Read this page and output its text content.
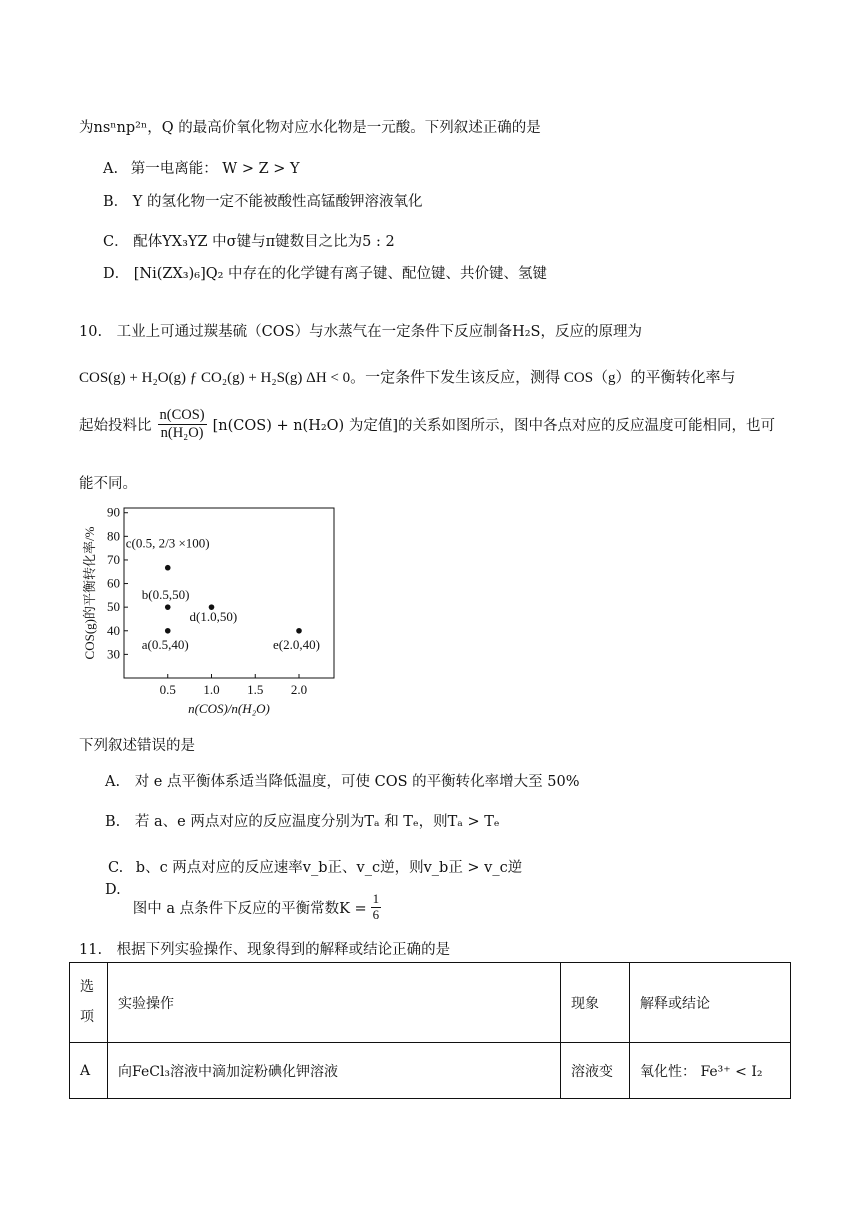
为nsⁿnp²ⁿ，Q 的最高价氧化物对应水化物是一元酸。下列叙述正确的是
A. 第一电离能： W > Z > Y
B． Y 的氢化物一定不能被酸性高锰酸钾溶液氧化
C． 配体YX₃YZ 中σ键与π键数目之比为5 : 2
D． [Ni(ZX₃)₆]Q₂ 中存在的化学键有离子键、配位键、共价键、氢键
10. 工业上可通过羰基硫（COS）与水蒸气在一定条件下反应制备H₂S，反应的原理为
COS(g) + H₂O(g) ƒ CO₂(g) + H₂S(g) ΔH < 0。一定条件下发生该反应，测得 COS（g）的平衡转化率与
起始投料比 $\frac{\text{n(COS)}}{\text{n(H₂O)}} [n(COS) + n(H_2O)$ 为定值]的关系如图所示，图中各点对应的反应温度可能相同，也可
能不同。
30
40
50
60
70
80
90
0.5 1.0 1.5 2.0
n(COS)/n(H₂O)
COS(g)的平衡转化率/% c(0.5, 2/3 ×100)
b(0.5,50)
d(1.0,50)
a(0.5,40)	e(2.0,40)
下列叙述错误的是
A. 对 e 点平衡体系适当降低温度，可使 COS 的平衡转化率增大至 50%
B. 若 a、e 两点对应的反应温度分别为Tₐ 和 Tₑ，则Tₐ > Tₑ
C. b、c 两点对应的反应速率v_b正、v_c逆，则v_b正 > v_c逆
D.
图中 a 点条件下反应的平衡常数$K = \frac{1}{6}$
11. 根据下列实验操作、现象得到的解释或结论正确的是
选项	实验操作	现象	解释或结论
A	向FeCl₃溶液中滴加淀粉碘化钾溶液	溶液变	氧化性： Fe³⁺ < I₂
